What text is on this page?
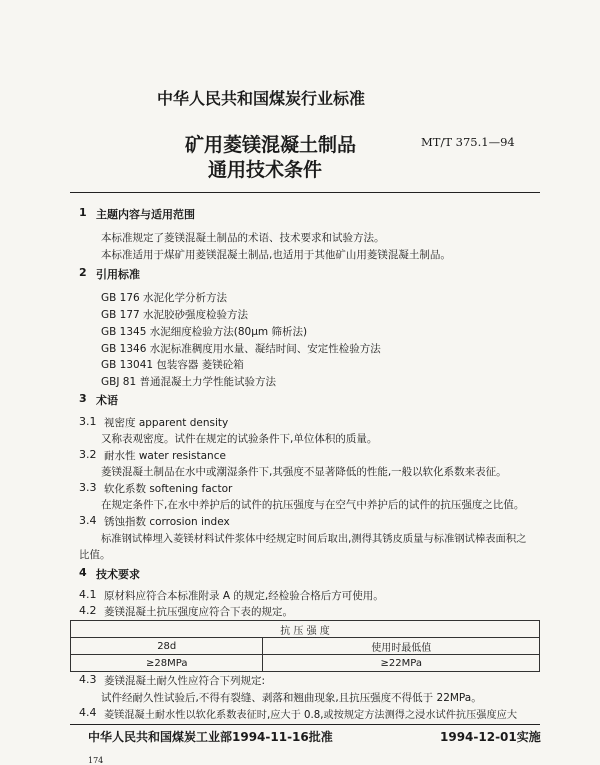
中华人民共和国煤炭行业标准
矿用菱镁混凝土制品
通用技术条件
MT/T 375.1—94
1 主题内容与适用范围
本标准规定了菱镁混凝土制品的术语、技术要求和试验方法。
本标准适用于煤矿用菱镁混凝土制品,也适用于其他矿山用菱镁混凝土制品。
2 引用标准
GB 176 水泥化学分析方法
GB 177 水泥胶砂强度检验方法
GB 1345 水泥细度检验方法(80μm 筛析法)
GB 1346 水泥标准稠度用水量、凝结时间、安定性检验方法
GB 13041 包装容器 菱镁砼箱
GBJ 81 普通混凝土力学性能试验方法
3 术语
3.1 视密度 apparent density
又称表观密度。试件在规定的试验条件下,单位体积的质量。
3.2 耐水性 water resistance
菱镁混凝土制品在水中或潮湿条件下,其强度不显著降低的性能,一般以软化系数来表征。
3.3 软化系数 softening factor
在规定条件下,在水中养护后的试件的抗压强度与在空气中养护后的试件的抗压强度之比值。
3.4 锈蚀指数 corrosion index
标准钢试棒埋入菱镁材料试件浆体中经规定时间后取出,测得其锈皮质量与标准钢试棒表面积之
比值。
4 技术要求
4.1 原材料应符合本标准附录 A 的规定,经检验合格后方可使用。
4.2 菱镁混凝土抗压强度应符合下表的规定。
抗 压 强 度	
28d	使用时最低值
≥28MPa	≥22MPa
4.3 菱镁混凝土耐久性应符合下列规定:
试件经耐久性试验后,不得有裂缝、剥落和翘曲现象,且抗压强度不得低于 22MPa。
4.4 菱镁混凝土耐水性以软化系数表征时,应大于 0.8,或按规定方法测得之浸水试件抗压强度应大
中华人民共和国煤炭工业部1994-11-16批准	1994-12-01实施
174
